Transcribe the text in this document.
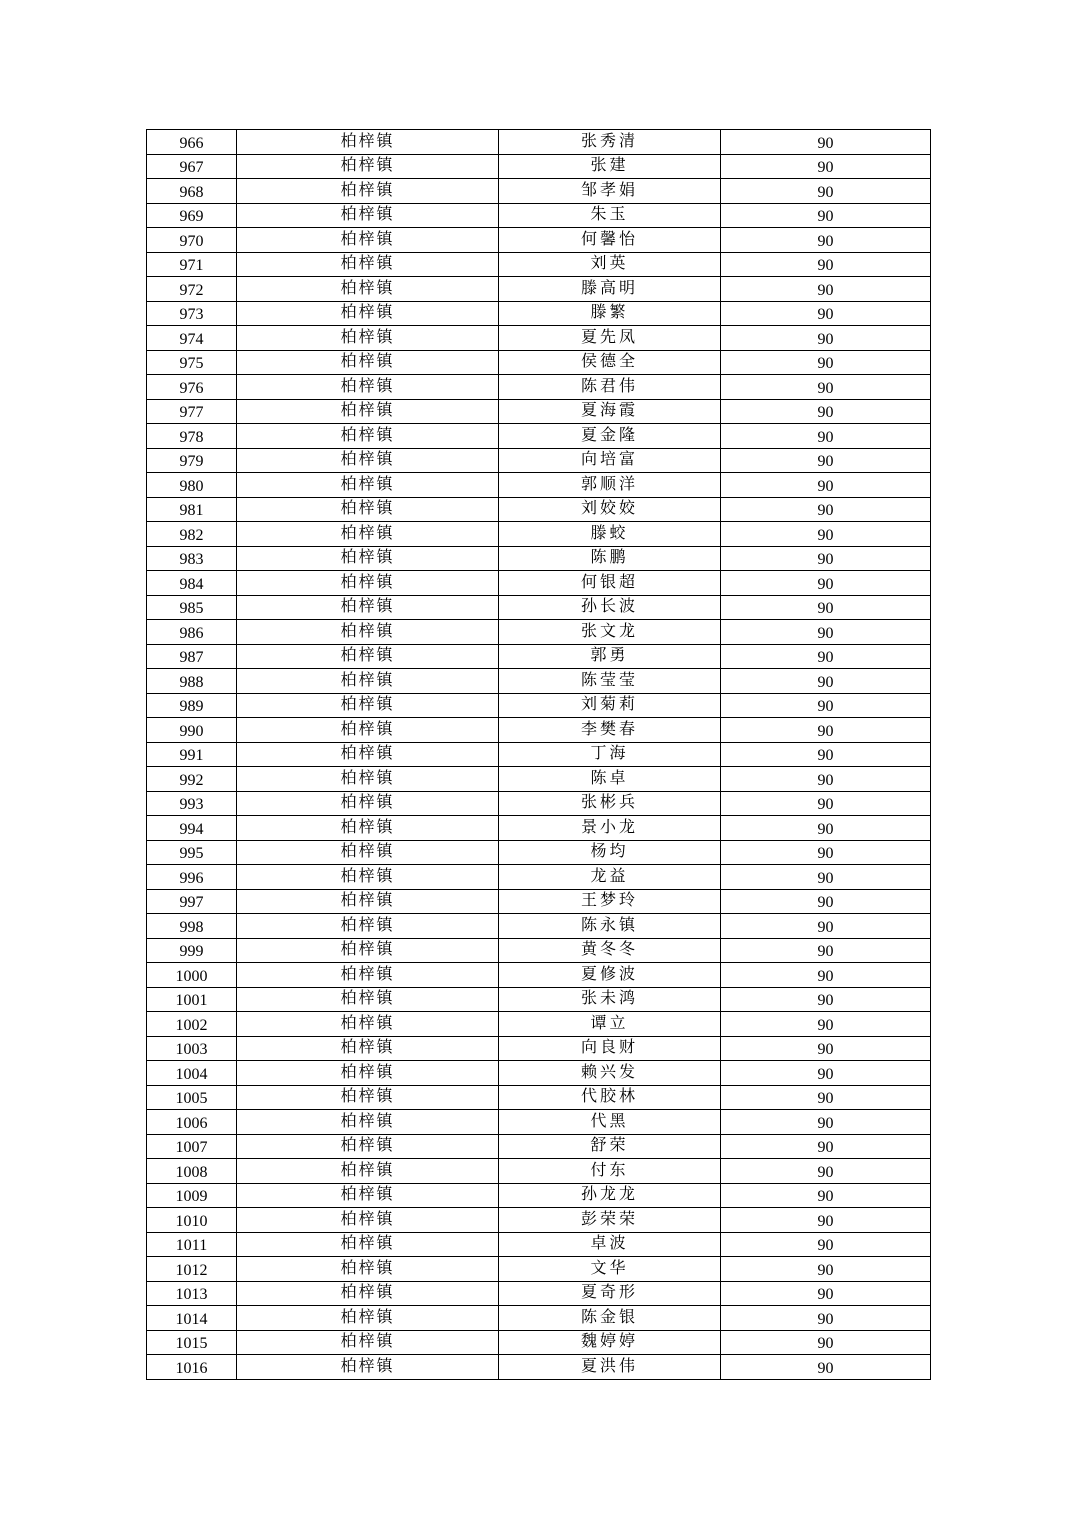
966	柏梓镇	张秀清	90
967	柏梓镇	张建	90
968	柏梓镇	邹孝娟	90
969	柏梓镇	朱玉	90
970	柏梓镇	何馨怡	90
971	柏梓镇	刘英	90
972	柏梓镇	滕高明	90
973	柏梓镇	滕繁	90
974	柏梓镇	夏先凤	90
975	柏梓镇	侯德全	90
976	柏梓镇	陈君伟	90
977	柏梓镇	夏海霞	90
978	柏梓镇	夏金隆	90
979	柏梓镇	向培富	90
980	柏梓镇	郭顺洋	90
981	柏梓镇	刘姣姣	90
982	柏梓镇	滕蛟	90
983	柏梓镇	陈鹏	90
984	柏梓镇	何银超	90
985	柏梓镇	孙长波	90
986	柏梓镇	张文龙	90
987	柏梓镇	郭勇	90
988	柏梓镇	陈莹莹	90
989	柏梓镇	刘菊莉	90
990	柏梓镇	李樊春	90
991	柏梓镇	丁海	90
992	柏梓镇	陈卓	90
993	柏梓镇	张彬兵	90
994	柏梓镇	景小龙	90
995	柏梓镇	杨均	90
996	柏梓镇	龙益	90
997	柏梓镇	王梦玲	90
998	柏梓镇	陈永镇	90
999	柏梓镇	黄冬冬	90
1000	柏梓镇	夏修波	90
1001	柏梓镇	张未鸿	90
1002	柏梓镇	谭立	90
1003	柏梓镇	向良财	90
1004	柏梓镇	赖兴发	90
1005	柏梓镇	代胶林	90
1006	柏梓镇	代黑	90
1007	柏梓镇	舒荣	90
1008	柏梓镇	付东	90
1009	柏梓镇	孙龙龙	90
1010	柏梓镇	彭荣荣	90
1011	柏梓镇	卓波	90
1012	柏梓镇	文华	90
1013	柏梓镇	夏奇形	90
1014	柏梓镇	陈金银	90
1015	柏梓镇	魏婷婷	90
1016	柏梓镇	夏洪伟	90
